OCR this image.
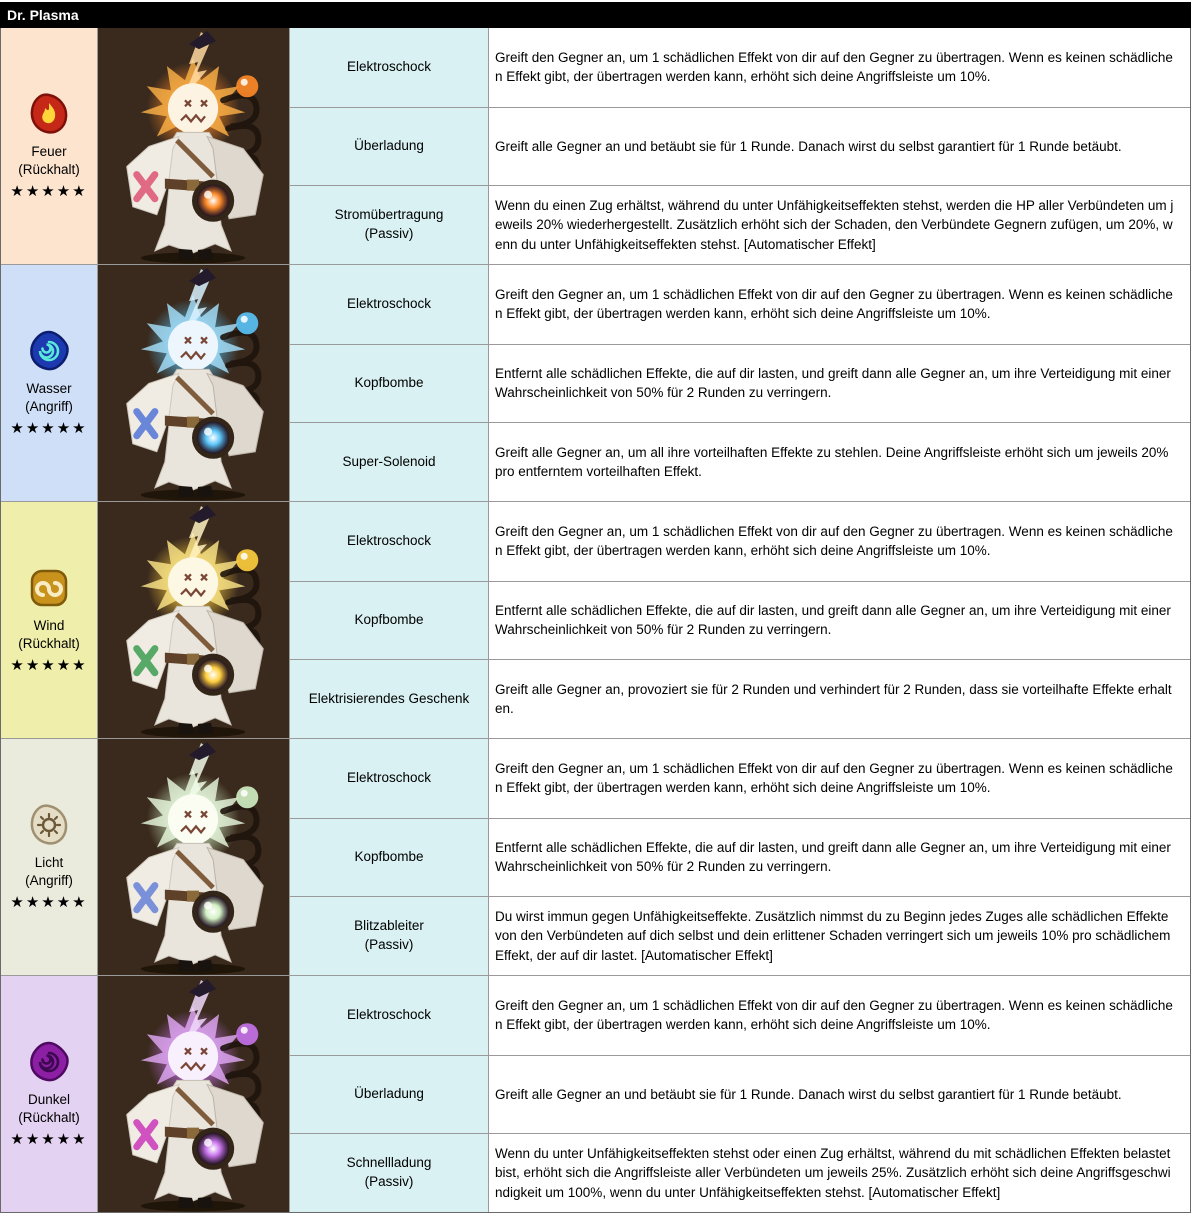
Dr. Plasma
Feuer
(Rückhalt)
★★★★★
Elektroschock
Greift den Gegner an, um 1 schädlichen Effekt von dir auf den Gegner zu übertragen. Wenn es keinen schädlichen Effekt gibt, der übertragen werden kann, erhöht sich deine Angriffsleiste um 10%.
Überladung	Greift alle Gegner an und betäubt sie für 1 Runde. Danach wirst du selbst garantiert für 1 Runde betäubt.
Stromübertragung
(Passiv)
Wenn du einen Zug erhältst, während du unter Unfähigkeitseffekten stehst, werden die HP aller Verbündeten um jeweils 20% wiederhergestellt. Zusätzlich erhöht sich der Schaden, den Verbündete Gegnern zufügen, um 20%, wenn du unter Unfähigkeitseffekten stehst. [Automatischer Effekt]
Wasser
(Angriff)
★★★★★
Elektroschock
Greift den Gegner an, um 1 schädlichen Effekt von dir auf den Gegner zu übertragen. Wenn es keinen schädlichen Effekt gibt, der übertragen werden kann, erhöht sich deine Angriffsleiste um 10%.
Kopfbombe
Entfernt alle schädlichen Effekte, die auf dir lasten, und greift dann alle Gegner an, um ihre Verteidigung mit einer Wahrscheinlichkeit von 50% für 2 Runden zu verringern.
Super-Solenoid
Greift alle Gegner an, um all ihre vorteilhaften Effekte zu stehlen. Deine Angriffsleiste erhöht sich um jeweils 20% pro entferntem vorteilhaften Effekt.
Wind
(Rückhalt)
★★★★★
Elektroschock
Greift den Gegner an, um 1 schädlichen Effekt von dir auf den Gegner zu übertragen. Wenn es keinen schädlichen Effekt gibt, der übertragen werden kann, erhöht sich deine Angriffsleiste um 10%.
Kopfbombe
Entfernt alle schädlichen Effekte, die auf dir lasten, und greift dann alle Gegner an, um ihre Verteidigung mit einer Wahrscheinlichkeit von 50% für 2 Runden zu verringern.
Elektrisierendes Geschenk
Greift alle Gegner an, provoziert sie für 2 Runden und verhindert für 2 Runden, dass sie vorteilhafte Effekte erhalten.
Licht
(Angriff)
★★★★★
Elektroschock
Greift den Gegner an, um 1 schädlichen Effekt von dir auf den Gegner zu übertragen. Wenn es keinen schädlichen Effekt gibt, der übertragen werden kann, erhöht sich deine Angriffsleiste um 10%.
Kopfbombe
Entfernt alle schädlichen Effekte, die auf dir lasten, und greift dann alle Gegner an, um ihre Verteidigung mit einer Wahrscheinlichkeit von 50% für 2 Runden zu verringern.
Blitzableiter
(Passiv)
Du wirst immun gegen Unfähigkeitseffekte. Zusätzlich nimmst du zu Beginn jedes Zuges alle schädlichen Effekte von den Verbündeten auf dich selbst und dein erlittener Schaden verringert sich um jeweils 10% pro schädlichem Effekt, der auf dir lastet. [Automatischer Effekt]
Dunkel
(Rückhalt)
★★★★★
Elektroschock
Greift den Gegner an, um 1 schädlichen Effekt von dir auf den Gegner zu übertragen. Wenn es keinen schädlichen Effekt gibt, der übertragen werden kann, erhöht sich deine Angriffsleiste um 10%.
Überladung	Greift alle Gegner an und betäubt sie für 1 Runde. Danach wirst du selbst garantiert für 1 Runde betäubt.
Schnellladung
(Passiv)
Wenn du unter Unfähigkeitseffekten stehst oder einen Zug erhältst, während du mit schädlichen Effekten belastet bist, erhöht sich die Angriffsleiste aller Verbündeten um jeweils 25%. Zusätzlich erhöht sich deine Angriffsgeschwindigkeit um 100%, wenn du unter Unfähigkeitseffekten stehst. [Automatischer Effekt]
